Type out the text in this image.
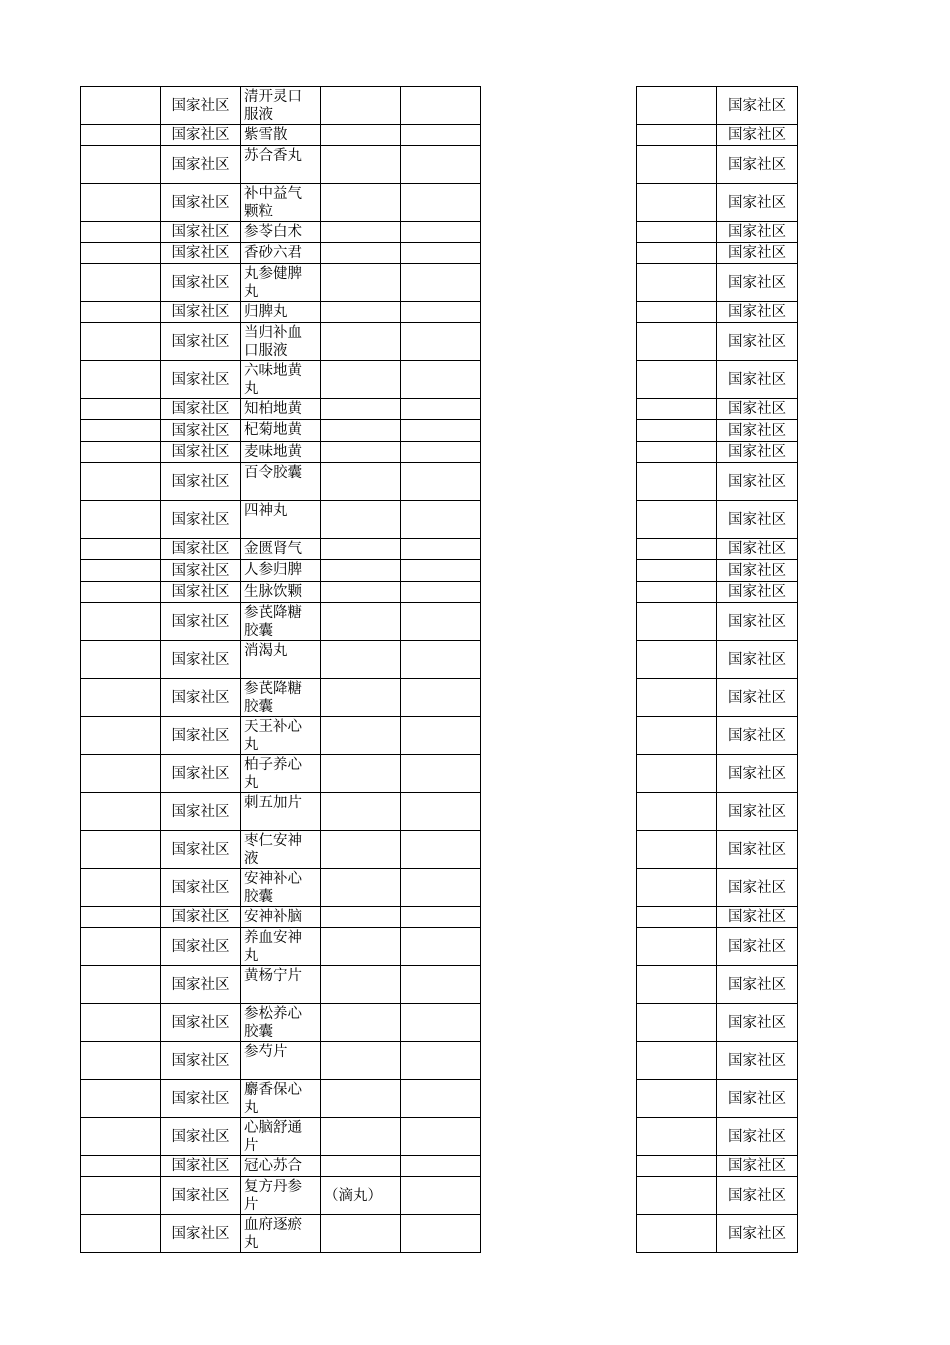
	国家社区	清开灵口服液		
	国家社区	紫雪散		
	国家社区	苏合香丸		
	国家社区	补中益气颗粒		
	国家社区	参苓白术		
	国家社区	香砂六君		
	国家社区	丸参健脾丸		
	国家社区	归脾丸		
	国家社区	当归补血口服液		
	国家社区	六味地黄丸		
	国家社区	知柏地黄		
	国家社区	杞菊地黄		
	国家社区	麦味地黄		
	国家社区	百令胶囊		
	国家社区	四神丸		
	国家社区	金匮肾气		
	国家社区	人参归脾		
	国家社区	生脉饮颗		
	国家社区	参芪降糖胶囊		
	国家社区	消渴丸		
	国家社区	参芪降糖胶囊		
	国家社区	天王补心丸		
	国家社区	柏子养心丸		
	国家社区	刺五加片		
	国家社区	枣仁安神液		
	国家社区	安神补心胶囊		
	国家社区	安神补脑		
	国家社区	养血安神丸		
	国家社区	黄杨宁片		
	国家社区	参松养心胶囊		
	国家社区	参芍片		
	国家社区	麝香保心丸		
	国家社区	心脑舒通片		
	国家社区	冠心苏合		
	国家社区	复方丹参片	（滴丸）	
	国家社区	血府逐瘀丸		
	国家社区
	国家社区
	国家社区
	国家社区
	国家社区
	国家社区
	国家社区
	国家社区
	国家社区
	国家社区
	国家社区
	国家社区
	国家社区
	国家社区
	国家社区
	国家社区
	国家社区
	国家社区
	国家社区
	国家社区
	国家社区
	国家社区
	国家社区
	国家社区
	国家社区
	国家社区
	国家社区
	国家社区
	国家社区
	国家社区
	国家社区
	国家社区
	国家社区
	国家社区
	国家社区
	国家社区
